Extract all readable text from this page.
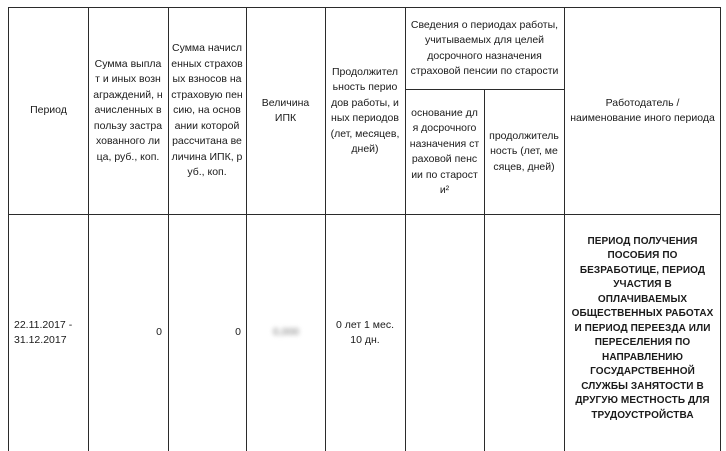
Период
Сумма выплат и иных вознаграждений, начисленных в пользу застрахованного лица, руб., коп.
Сумма начисленных страховых взносов на страховую пенсию, на основании которой рассчитана величина ИПК, руб., коп.
Величина ИПК
Продолжительность периодов работы, иных периодов (лет, месяцев, дней)
Сведения о периодах работы, учитываемых для целей досрочного назначения страховой пенсии по старости
основание для досрочного назначения страховой пенсии по старости²
продолжительность (лет, месяцев, дней)
Работодатель / наименование иного периода
22.11.2017 - 31.12.2017
0	0	0,000
0 лет 1 мес. 10 дн.
ПЕРИОД ПОЛУЧЕНИЯ ПОСОБИЯ ПО БЕЗРАБОТИЦЕ, ПЕРИОД УЧАСТИЯ В ОПЛАЧИВАЕМЫХ ОБЩЕСТВЕННЫХ РАБОТАХ И ПЕРИОД ПЕРЕЕЗДА ИЛИ ПЕРЕСЕЛЕНИЯ ПО НАПРАВЛЕНИЮ ГОСУДАРСТВЕННОЙ СЛУЖБЫ ЗАНЯТОСТИ В ДРУГУЮ МЕСТНОСТЬ ДЛЯ ТРУДОУСТРОЙСТВА
